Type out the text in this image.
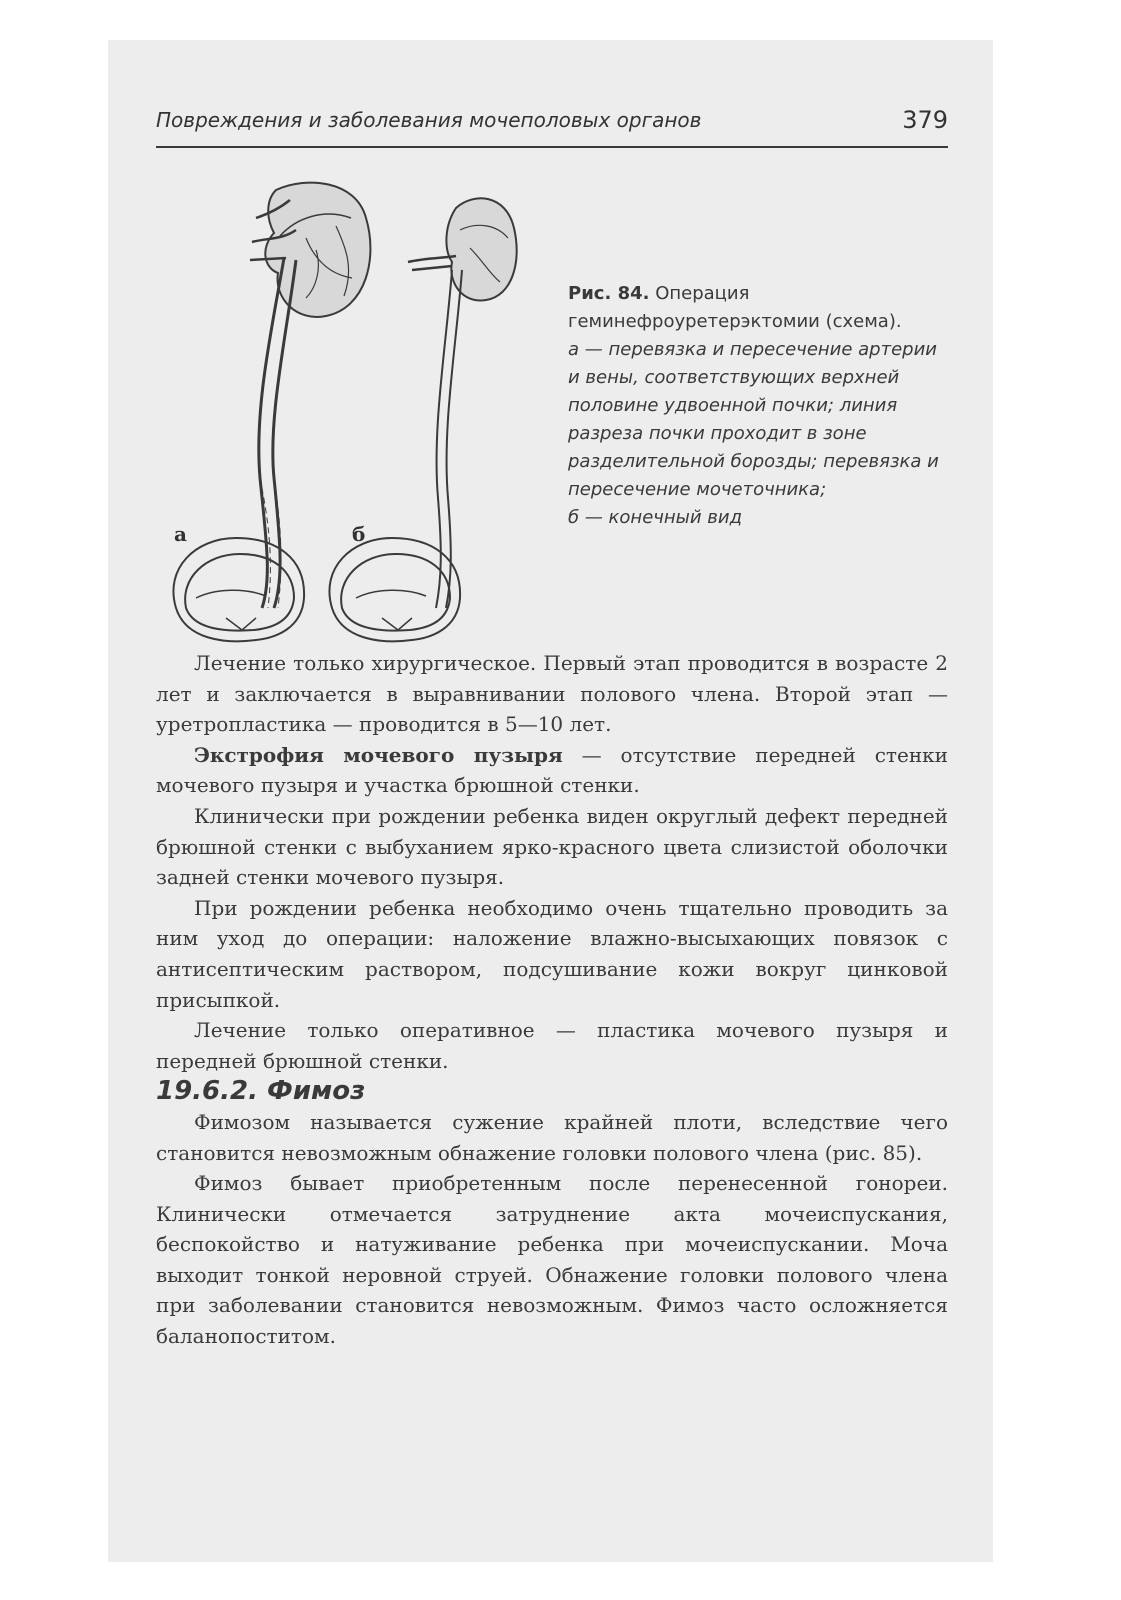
Повреждения и заболевания мочеполовых органов	379
а	б
Рис. 84. Операция геминефроуретерэктомии (схема).
а — перевязка и пересечение артерии и вены, соответствующих верхней половине удвоенной почки; линия разреза почки проходит в зоне разделительной борозды; перевязка и пересечение мочеточника;
б — конечный вид

Лечение только хирургическое. Первый этап проводится в возрасте 2 лет и заключается в выравнивании полового члена. Второй этап — уретропластика — проводится в 5—10 лет.

Экстрофия мочевого пузыря — отсутствие передней стенки мочевого пузыря и участка брюшной стенки.

Клинически при рождении ребенка виден округлый дефект передней брюшной стенки с выбуханием ярко-красного цвета слизистой оболочки задней стенки мочевого пузыря.

При рождении ребенка необходимо очень тщательно проводить за ним уход до операции: наложение влажно-высыхающих повязок с антисептическим раствором, подсушивание кожи вокруг цинковой присыпкой.

Лечение только оперативное — пластика мочевого пузыря и передней брюшной стенки.

19.6.2. Фимоз

Фимозом называется сужение крайней плоти, вследствие чего становится невозможным обнажение головки полового члена (рис. 85).

Фимоз бывает приобретенным после перенесенной гонореи. Клинически отмечается затруднение акта мочеиспускания, беспокойство и натуживание ребенка при мочеиспускании. Моча выходит тонкой неровной струей. Обнажение головки полового члена при заболевании становится невозможным. Фимоз часто осложняется баланопоститом.
